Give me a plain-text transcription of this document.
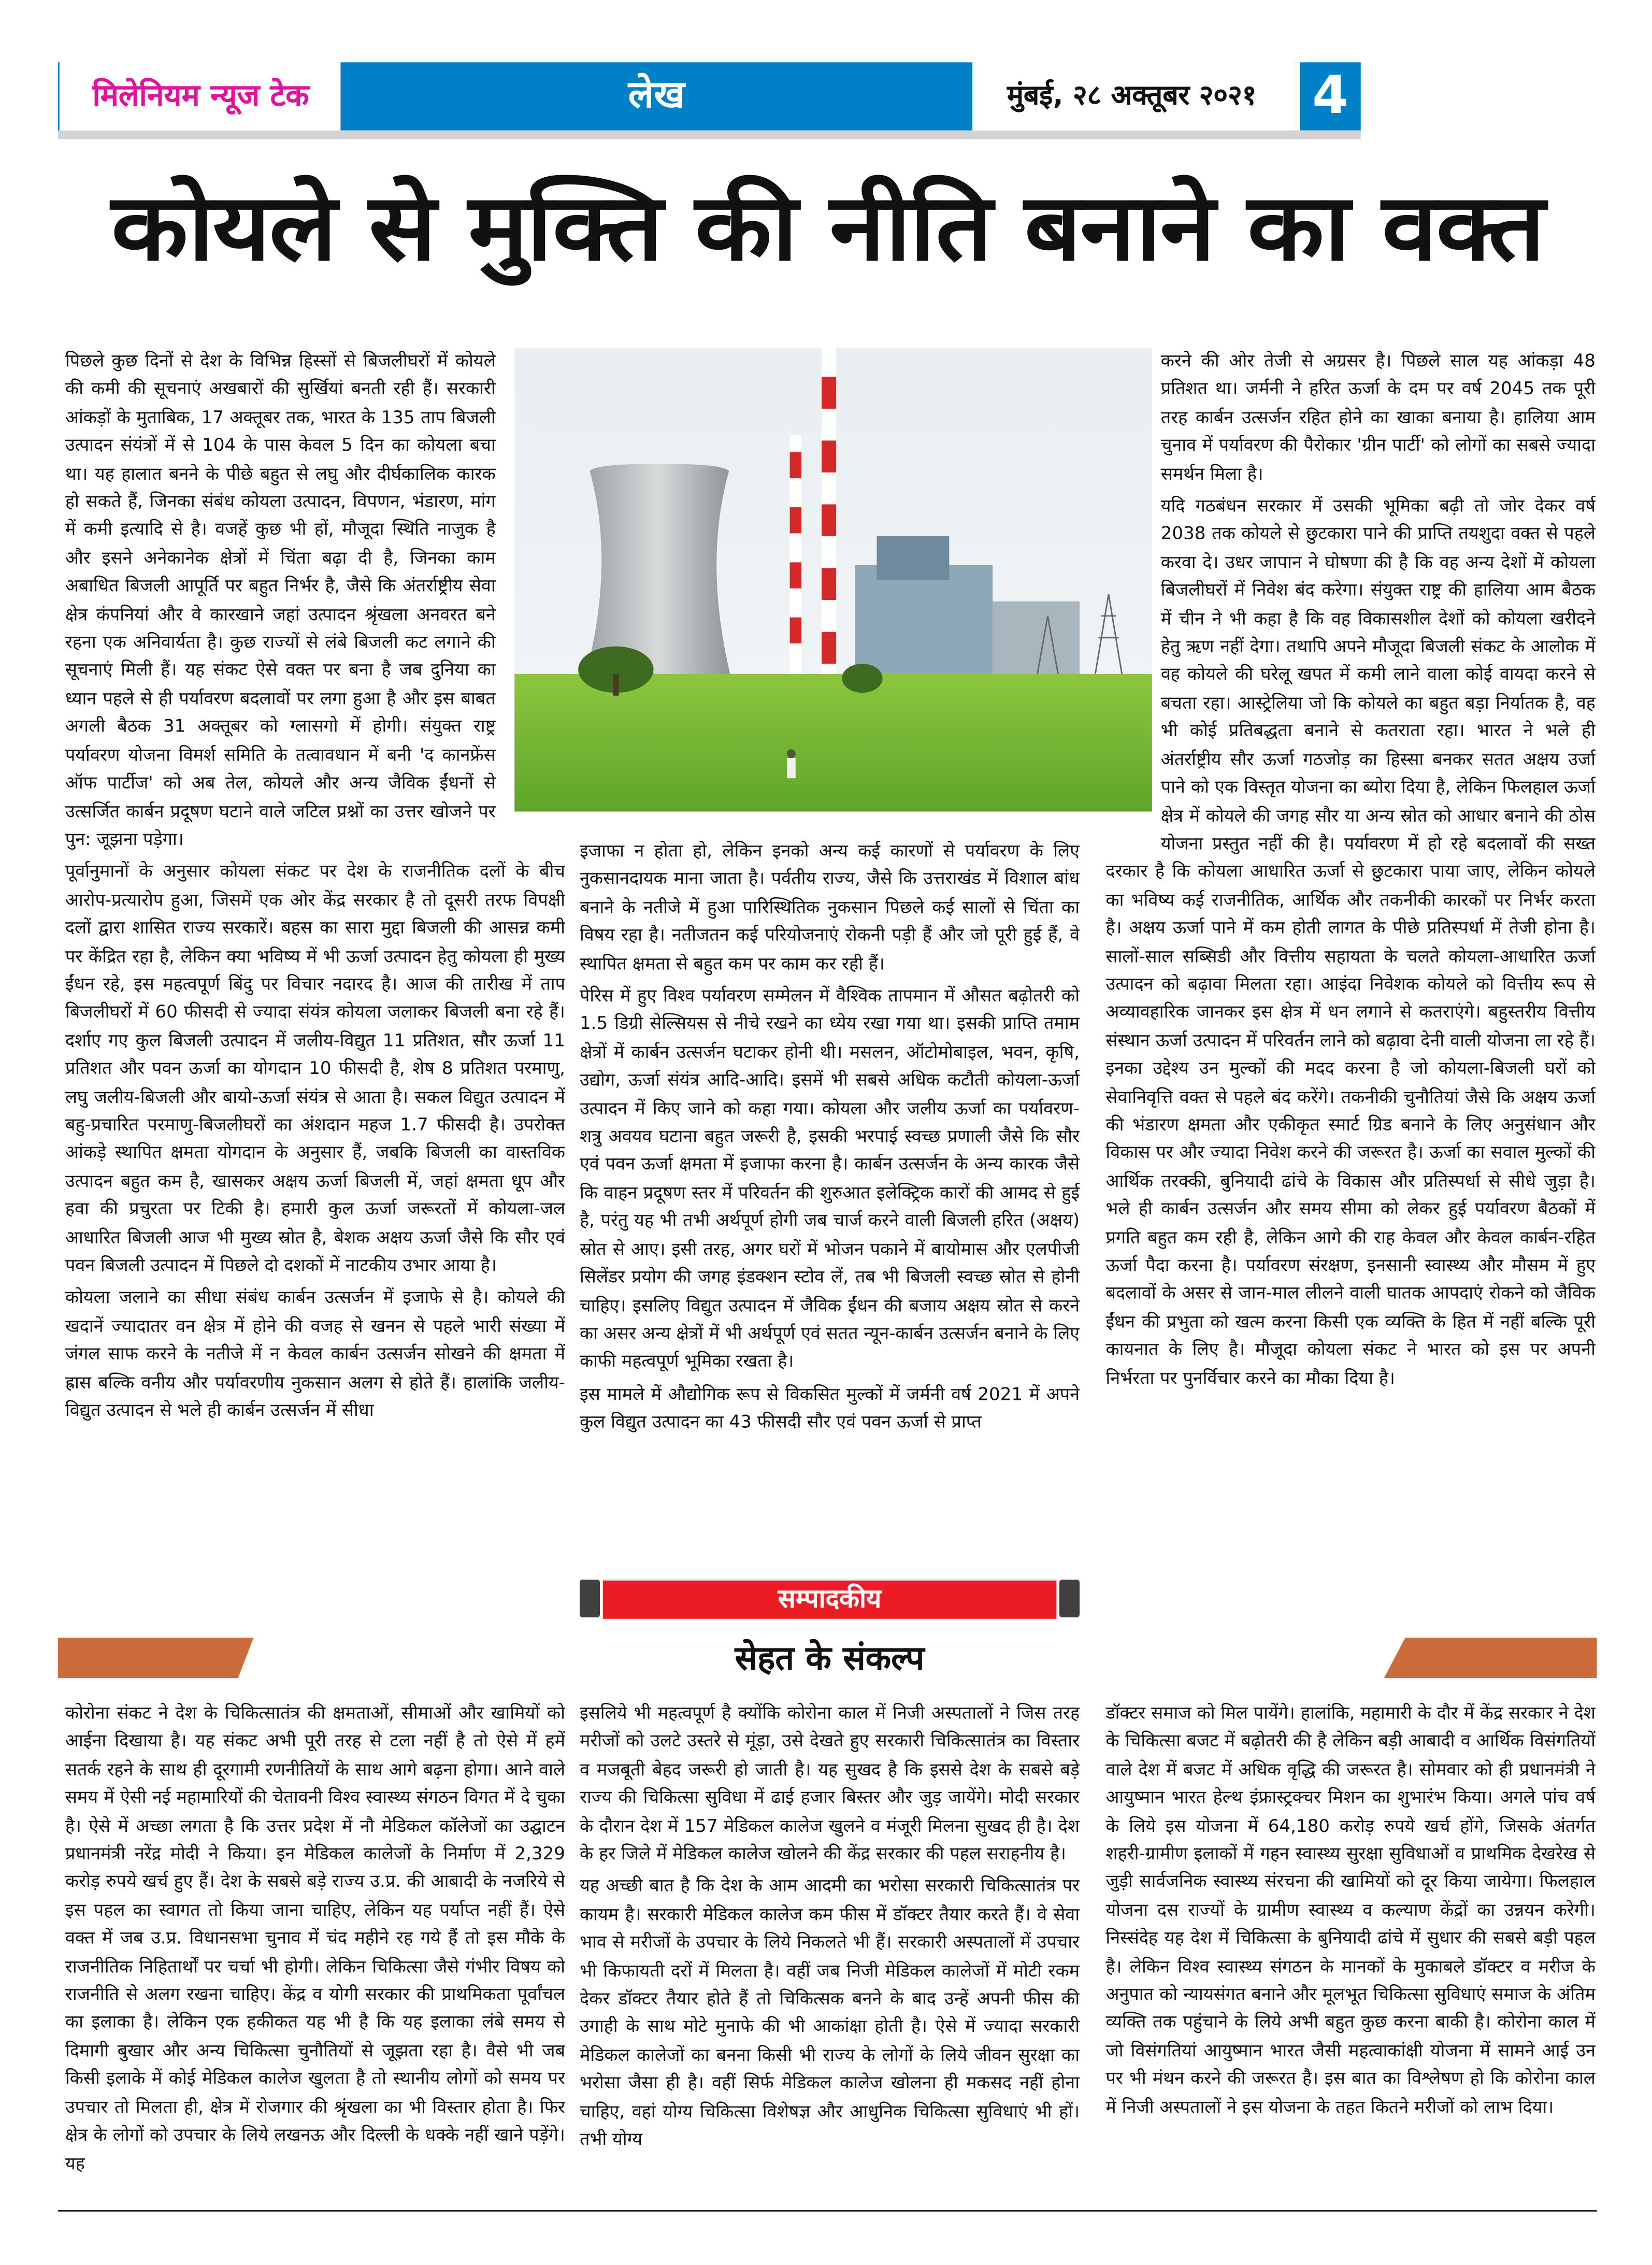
मिलेनियम न्यूज टेक	लेख	मुंबई, २८ अक्तूबर २०२१	4
कोयले से मुक्ति की नीति बनाने का वक्त

पिछले कुछ दिनों से देश के विभिन्न हिस्सों से बिजलीघरों में कोयले की कमी की सूचनाएं अखबारों की सुर्खियां बनती रही हैं। सरकारी आंकड़ों के मुताबिक, 17 अक्तूबर तक, भारत के 135 ताप बिजली उत्पादन संयंत्रों में से 104 के पास केवल 5 दिन का कोयला बचा था। यह हालात बनने के पीछे बहुत से लघु और दीर्घकालिक कारक हो सकते हैं, जिनका संबंध कोयला उत्पादन, विपणन, भंडारण, मांग में कमी इत्यादि से है। वजहें कुछ भी हों, मौजूदा स्थिति नाजुक है और इसने अनेकानेक क्षेत्रों में चिंता बढ़ा दी है, जिनका काम अबाधित बिजली आपूर्ति पर बहुत निर्भर है, जैसे कि अंतर्राष्ट्रीय सेवा क्षेत्र कंपनियां और वे कारखाने जहां उत्पादन श्रृंखला अनवरत बने रहना एक अनिवार्यता है। कुछ राज्यों से लंबे बिजली कट लगाने की सूचनाएं मिली हैं। यह संकट ऐसे वक्त पर बना है जब दुनिया का ध्यान पहले से ही पर्यावरण बदलावों पर लगा हुआ है और इस बाबत अगली बैठक 31 अक्तूबर को ग्लासगो में होगी। संयुक्त राष्ट्र पर्यावरण योजना विमर्श समिति के तत्वावधान में बनी 'द कानफ्रेंस ऑफ पार्टीज' को अब तेल, कोयले और अन्य जैविक ईंधनों से उत्सर्जित कार्बन प्रदूषण घटाने वाले जटिल प्रश्नों का उत्तर खोजने पर पुन: जूझना पड़ेगा।

पूर्वानुमानों के अनुसार कोयला संकट पर देश के राजनीतिक दलों के बीच आरोप-प्रत्यारोप हुआ, जिसमें एक ओर केंद्र सरकार है तो दूसरी तरफ विपक्षी दलों द्वारा शासित राज्य सरकारें। बहस का सारा मुद्दा बिजली की आसन्न कमी पर केंद्रित रहा है, लेकिन क्या भविष्य में भी ऊर्जा उत्पादन हेतु कोयला ही मुख्य ईंधन रहे, इस महत्वपूर्ण बिंदु पर विचार नदारद है। आज की तारीख में ताप बिजलीघरों में 60 फीसदी से ज्यादा संयंत्र कोयला जलाकर बिजली बना रहे हैं। दर्शाए गए कुल बिजली उत्पादन में जलीय-विद्युत 11 प्रतिशत, सौर ऊर्जा 11 प्रतिशत और पवन ऊर्जा का योगदान 10 फीसदी है, शेष 8 प्रतिशत परमाणु, लघु जलीय-बिजली और बायो-ऊर्जा संयंत्र से आता है। सकल विद्युत उत्पादन में बहु-प्रचारित परमाणु-बिजलीघरों का अंशदान महज 1.7 फीसदी है। उपरोक्त आंकड़े स्थापित क्षमता योगदान के अनुसार हैं, जबकि बिजली का वास्तविक उत्पादन बहुत कम है, खासकर अक्षय ऊर्जा बिजली में, जहां क्षमता धूप और हवा की प्रचुरता पर टिकी है। हमारी कुल ऊर्जा जरूरतों में कोयला-जल आधारित बिजली आज भी मुख्य स्रोत है, बेशक अक्षय ऊर्जा जैसे कि सौर एवं पवन बिजली उत्पादन में पिछले दो दशकों में नाटकीय उभार आया है।

कोयला जलाने का सीधा संबंध कार्बन उत्सर्जन में इजाफे से है। कोयले की खदानें ज्यादातर वन क्षेत्र में होने की वजह से खनन से पहले भारी संख्या में जंगल साफ करने के नतीजे में न केवल कार्बन उत्सर्जन सोखने की क्षमता में ह्रास बल्कि वनीय और पर्यावरणीय नुकसान अलग से होते हैं। हालांकि जलीय-विद्युत उत्पादन से भले ही कार्बन उत्सर्जन में सीधा

इजाफा न होता हो, लेकिन इनको अन्य कई कारणों से पर्यावरण के लिए नुकसानदायक माना जाता है। पर्वतीय राज्य, जैसे कि उत्तराखंड में विशाल बांध बनाने के नतीजे में हुआ पारिस्थितिक नुकसान पिछले कई सालों से चिंता का विषय रहा है। नतीजतन कई परियोजनाएं रोकनी पड़ी हैं और जो पूरी हुई हैं, वे स्थापित क्षमता से बहुत कम पर काम कर रही हैं।

पेरिस में हुए विश्व पर्यावरण सम्मेलन में वैश्विक तापमान में औसत बढ़ोतरी को 1.5 डिग्री सेल्सियस से नीचे रखने का ध्येय रखा गया था। इसकी प्राप्ति तमाम क्षेत्रों में कार्बन उत्सर्जन घटाकर होनी थी। मसलन, ऑटोमोबाइल, भवन, कृषि, उद्योग, ऊर्जा संयंत्र आदि-आदि। इसमें भी सबसे अधिक कटौती कोयला-ऊर्जा उत्पादन में किए जाने को कहा गया। कोयला और जलीय ऊर्जा का पर्यावरण-शत्रु अवयव घटाना बहुत जरूरी है, इसकी भरपाई स्वच्छ प्रणाली जैसे कि सौर एवं पवन ऊर्जा क्षमता में इजाफा करना है। कार्बन उत्सर्जन के अन्य कारक जैसे कि वाहन प्रदूषण स्तर में परिवर्तन की शुरुआत इलेक्ट्रिक कारों की आमद से हुई है, परंतु यह भी तभी अर्थपूर्ण होगी जब चार्ज करने वाली बिजली हरित (अक्षय) स्रोत से आए। इसी तरह, अगर घरों में भोजन पकाने में बायोमास और एलपीजी सिलेंडर प्रयोग की जगह इंडक्शन स्टोव लें, तब भी बिजली स्वच्छ स्रोत से होनी चाहिए। इसलिए विद्युत उत्पादन में जैविक ईंधन की बजाय अक्षय स्रोत से करने का असर अन्य क्षेत्रों में भी अर्थपूर्ण एवं सतत न्यून-कार्बन उत्सर्जन बनाने के लिए काफी महत्वपूर्ण भूमिका रखता है।

इस मामले में औद्योगिक रूप से विकसित मुल्कों में जर्मनी वर्ष 2021 में अपने कुल विद्युत उत्पादन का 43 फीसदी सौर एवं पवन ऊर्जा से प्राप्त

करने की ओर तेजी से अग्रसर है। पिछले साल यह आंकड़ा 48 प्रतिशत था। जर्मनी ने हरित ऊर्जा के दम पर वर्ष 2045 तक पूरी तरह कार्बन उत्सर्जन रहित होने का खाका बनाया है। हालिया आम चुनाव में पर्यावरण की पैरोकार 'ग्रीन पार्टी' को लोगों का सबसे ज्यादा समर्थन मिला है।

यदि गठबंधन सरकार में उसकी भूमिका बढ़ी तो जोर देकर वर्ष 2038 तक कोयले से छुटकारा पाने की प्राप्ति तयशुदा वक्त से पहले करवा दे। उधर जापान ने घोषणा की है कि वह अन्य देशों में कोयला बिजलीघरों में निवेश बंद करेगा। संयुक्त राष्ट्र की हालिया आम बैठक में चीन ने भी कहा है कि वह विकासशील देशों को कोयला खरीदने हेतु ऋण नहीं देगा। तथापि अपने मौजूदा बिजली संकट के आलोक में वह कोयले की घरेलू खपत में कमी लाने वाला कोई वायदा करने से बचता रहा। आस्ट्रेलिया जो कि कोयले का बहुत बड़ा निर्यातक है, वह भी कोई प्रतिबद्धता बनाने से कतराता रहा। भारत ने भले ही अंतर्राष्ट्रीय सौर ऊर्जा गठजोड़ का हिस्सा बनकर सतत अक्षय उर्जा पाने को एक विस्तृत योजना का ब्योरा दिया है, लेकिन फिलहाल ऊर्जा क्षेत्र में कोयले की जगह सौर या अन्य स्रोत को आधार बनाने की ठोस योजना प्रस्तुत नहीं की है। पर्यावरण में हो रहे बदलावों की सख्त दरकार है कि कोयला आधारित ऊर्जा से छुटकारा पाया जाए, लेकिन कोयले का भविष्य कई राजनीतिक, आर्थिक और तकनीकी कारकों पर निर्भर करता है। अक्षय ऊर्जा पाने में कम होती लागत के पीछे प्रतिस्पर्धा में तेजी होना है। सालों-साल सब्सिडी और वित्तीय सहायता के चलते कोयला-आधारित ऊर्जा उत्पादन को बढ़ावा मिलता रहा। आइंदा निवेशक कोयले को वित्तीय रूप से अव्यावहारिक जानकर इस क्षेत्र में धन लगाने से कतराएंगे। बहुस्तरीय वित्तीय संस्थान ऊर्जा उत्पादन में परिवर्तन लाने को बढ़ावा देनी वाली योजना ला रहे हैं। इनका उद्देश्य उन मुल्कों की मदद करना है जो कोयला-बिजली घरों को सेवानिवृत्ति वक्त से पहले बंद करेंगे। तकनीकी चुनौतियां जैसे कि अक्षय ऊर्जा की भंडारण क्षमता और एकीकृत स्मार्ट ग्रिड बनाने के लिए अनुसंधान और विकास पर और ज्यादा निवेश करने की जरूरत है। ऊर्जा का सवाल मुल्कों की आर्थिक तरक्की, बुनियादी ढांचे के विकास और प्रतिस्पर्धा से सीधे जुड़ा है। भले ही कार्बन उत्सर्जन और समय सीमा को लेकर हुई पर्यावरण बैठकों में प्रगति बहुत कम रही है, लेकिन आगे की राह केवल और केवल कार्बन-रहित ऊर्जा पैदा करना है। पर्यावरण संरक्षण, इनसानी स्वास्थ्य और मौसम में हुए बदलावों के असर से जान-माल लीलने वाली घातक आपदाएं रोकने को जैविक ईंधन की प्रभुता को खत्म करना किसी एक व्यक्ति के हित में नहीं बल्कि पूरी कायनात के लिए है। मौजूदा कोयला संकट ने भारत को इस पर अपनी निर्भरता पर पुनर्विचार करने का मौका दिया है।

सम्पादकीय
सेहत के संकल्प

कोरोना संकट ने देश के चिकित्सातंत्र की क्षमताओं, सीमाओं और खामियों को आईना दिखाया है। यह संकट अभी पूरी तरह से टला नहीं है तो ऐसे में हमें सतर्क रहने के साथ ही दूरगामी रणनीतियों के साथ आगे बढ़ना होगा। आने वाले समय में ऐसी नई महामारियों की चेतावनी विश्व स्वास्थ्य संगठन विगत में दे चुका है। ऐसे में अच्छा लगता है कि उत्तर प्रदेश में नौ मेडिकल कॉलेजों का उद्घाटन प्रधानमंत्री नरेंद्र मोदी ने किया। इन मेडिकल कालेजों के निर्माण में 2,329 करोड़ रुपये खर्च हुए हैं। देश के सबसे बड़े राज्य उ.प्र. की आबादी के नजरिये से इस पहल का स्वागत तो किया जाना चाहिए, लेकिन यह पर्याप्त नहीं हैं। ऐसे वक्त में जब उ.प्र. विधानसभा चुनाव में चंद महीने रह गये हैं तो इस मौके के राजनीतिक निहितार्थों पर चर्चा भी होगी। लेकिन चिकित्सा जैसे गंभीर विषय को राजनीति से अलग रखना चाहिए। केंद्र व योगी सरकार की प्राथमिकता पूर्वांचल का इलाका है। लेकिन एक हकीकत यह भी है कि यह इलाका लंबे समय से दिमागी बुखार और अन्य चिकित्सा चुनौतियों से जूझता रहा है। वैसे भी जब किसी इलाके में कोई मेडिकल कालेज खुलता है तो स्थानीय लोगों को समय पर उपचार तो मिलता ही, क्षेत्र में रोजगार की श्रृंखला का भी विस्तार होता है। फिर क्षेत्र के लोगों को उपचार के लिये लखनऊ और दिल्ली के धक्के नहीं खाने पड़ेंगे। यह

इसलिये भी महत्वपूर्ण है क्योंकि कोरोना काल में निजी अस्पतालों ने जिस तरह मरीजों को उलटे उस्तरे से मूंड़ा, उसे देखते हुए सरकारी चिकित्सातंत्र का विस्तार व मजबूती बेहद जरूरी हो जाती है। यह सुखद है कि इससे देश के सबसे बड़े राज्य की चिकित्सा सुविधा में ढाई हजार बिस्तर और जुड़ जायेंगे। मोदी सरकार के दौरान देश में 157 मेडिकल कालेज खुलने व मंजूरी मिलना सुखद ही है। देश के हर जिले में मेडिकल कालेज खोलने की केंद्र सरकार की पहल सराहनीय है।

यह अच्छी बात है कि देश के आम आदमी का भरोसा सरकारी चिकित्सातंत्र पर कायम है। सरकारी मेडिकल कालेज कम फीस में डॉक्टर तैयार करते हैं। वे सेवा भाव से मरीजों के उपचार के लिये निकलते भी हैं। सरकारी अस्पतालों में उपचार भी किफायती दरों में मिलता है। वहीं जब निजी मेडिकल कालेजों में मोटी रकम देकर डॉक्टर तैयार होते हैं तो चिकित्सक बनने के बाद उन्हें अपनी फीस की उगाही के साथ मोटे मुनाफे की भी आकांक्षा होती है। ऐसे में ज्यादा सरकारी मेडिकल कालेजों का बनना किसी भी राज्य के लोगों के लिये जीवन सुरक्षा का भरोसा जैसा ही है। वहीं सिर्फ मेडिकल कालेज खोलना ही मकसद नहीं होना चाहिए, वहां योग्य चिकित्सा विशेषज्ञ और आधुनिक चिकित्सा सुविधाएं भी हों। तभी योग्य

डॉक्टर समाज को मिल पायेंगे। हालांकि, महामारी के दौर में केंद्र सरकार ने देश के चिकित्सा बजट में बढ़ोतरी की है लेकिन बड़ी आबादी व आर्थिक विसंगतियों वाले देश में बजट में अधिक वृद्धि की जरूरत है। सोमवार को ही प्रधानमंत्री ने आयुष्मान भारत हेल्थ इंफ्रास्ट्रक्चर मिशन का शुभारंभ किया। अगले पांच वर्ष के लिये इस योजना में 64,180 करोड़ रुपये खर्च होंगे, जिसके अंतर्गत शहरी-ग्रामीण इलाकों में गहन स्वास्थ्य सुरक्षा सुविधाओं व प्राथमिक देखरेख से जुड़ी सार्वजनिक स्वास्थ्य संरचना की खामियों को दूर किया जायेगा। फिलहाल योजना दस राज्यों के ग्रामीण स्वास्थ्य व कल्याण केंद्रों का उन्नयन करेगी। निस्संदेह यह देश में चिकित्सा के बुनियादी ढांचे में सुधार की सबसे बड़ी पहल है। लेकिन विश्व स्वास्थ्य संगठन के मानकों के मुकाबले डॉक्टर व मरीज के अनुपात को न्यायसंगत बनाने और मूलभूत चिकित्सा सुविधाएं समाज के अंतिम व्यक्ति तक पहुंचाने के लिये अभी बहुत कुछ करना बाकी है। कोरोना काल में जो विसंगतियां आयुष्मान भारत जैसी महत्वाकांक्षी योजना में सामने आई उन पर भी मंथन करने की जरूरत है। इस बात का विश्लेषण हो कि कोरोना काल में निजी अस्पतालों ने इस योजना के तहत कितने मरीजों को लाभ दिया।
